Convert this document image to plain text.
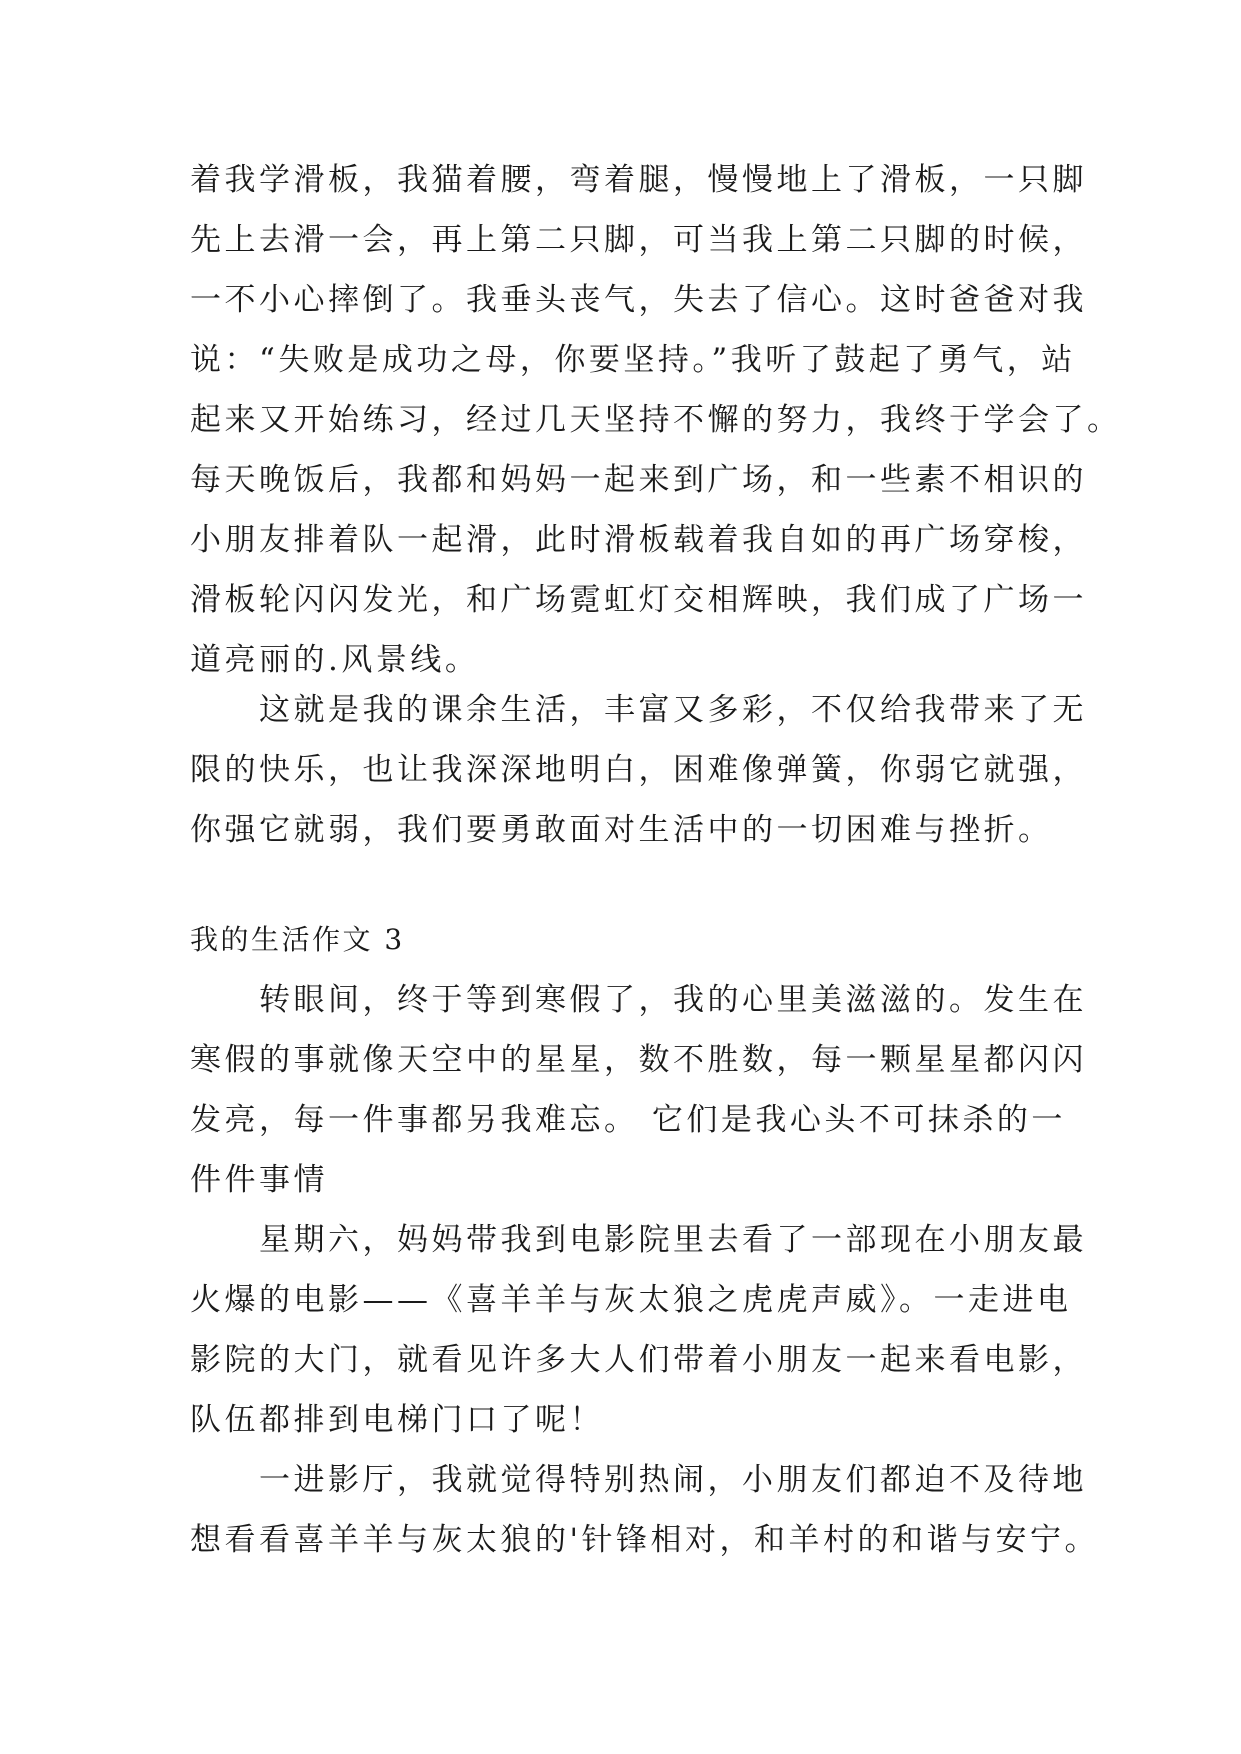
着我学滑板，我猫着腰，弯着腿，慢慢地上了滑板，一只脚
先上去滑一会，再上第二只脚，可当我上第二只脚的时候，
一不小心摔倒了。我垂头丧气，失去了信心。这时爸爸对我
说：“失败是成功之母，你要坚持。”我听了鼓起了勇气，站
起来又开始练习，经过几天坚持不懈的努力，我终于学会了。
每天晚饭后，我都和妈妈一起来到广场，和一些素不相识的
小朋友排着队一起滑，此时滑板载着我自如的再广场穿梭，
滑板轮闪闪发光，和广场霓虹灯交相辉映，我们成了广场一
道亮丽的.风景线。
　　这就是我的课余生活，丰富又多彩，不仅给我带来了无
限的快乐，也让我深深地明白，困难像弹簧，你弱它就强，
你强它就弱，我们要勇敢面对生活中的一切困难与挫折。
我的生活作文 3
　　转眼间，终于等到寒假了，我的心里美滋滋的。发生在
寒假的事就像天空中的星星，数不胜数，每一颗星星都闪闪
发亮，每一件事都另我难忘。 它们是我心头不可抹杀的一
件件事情
　　星期六，妈妈带我到电影院里去看了一部现在小朋友最
火爆的电影——《喜羊羊与灰太狼之虎虎声威》。一走进电
影院的大门，就看见许多大人们带着小朋友一起来看电影，
队伍都排到电梯门口了呢！
　　一进影厅，我就觉得特别热闹，小朋友们都迫不及待地
想看看喜羊羊与灰太狼的'针锋相对，和羊村的和谐与安宁。
